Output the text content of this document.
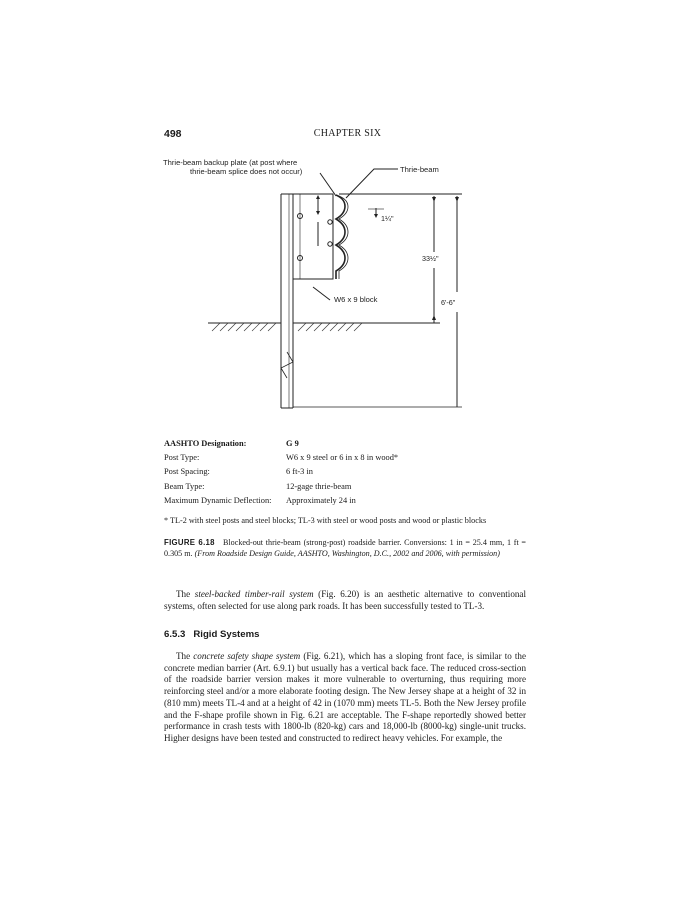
498	CHAPTER SIX
Thrie-beam backup plate (at post where
thrie-beam splice does not occur)	Thrie-beam
1¼"
33½"
6'-6"
W6 x 9 block
AASHTO Designation:	G 9
Post Type:	W6 x 9 steel or 6 in x 8 in wood*
Post Spacing:	6 ft-3 in
Beam Type:	12-gage thrie-beam
Maximum Dynamic Deflection:	Approximately 24 in
* TL-2 with steel posts and steel blocks; TL-3 with steel or wood posts and wood or plastic blocks
FIGURE 6.18 Blocked-out thrie-beam (strong-post) roadside barrier. Conversions: 1 in = 25.4 mm, 1 ft = 0.305 m. (From Roadside Design Guide, AASHTO, Washington, D.C., 2002 and 2006, with permission)
The steel-backed timber-rail system (Fig. 6.20) is an aesthetic alternative to conventional systems, often selected for use along park roads. It has been successfully tested to TL-3.
6.5.3 Rigid Systems
The concrete safety shape system (Fig. 6.21), which has a sloping front face, is similar to the concrete median barrier (Art. 6.9.1) but usually has a vertical back face. The reduced cross-section of the roadside barrier version makes it more vulnerable to overturning, thus requiring more reinforcing steel and/or a more elaborate footing design. The New Jersey shape at a height of 32 in (810 mm) meets TL-4 and at a height of 42 in (1070 mm) meets TL-5. Both the New Jersey profile and the F-shape profile shown in Fig. 6.21 are acceptable. The F-shape reportedly showed better performance in crash tests with 1800-lb (820-kg) cars and 18,000-lb (8000-kg) single-unit trucks. Higher designs have been tested and constructed to redirect heavy vehicles. For example, the
